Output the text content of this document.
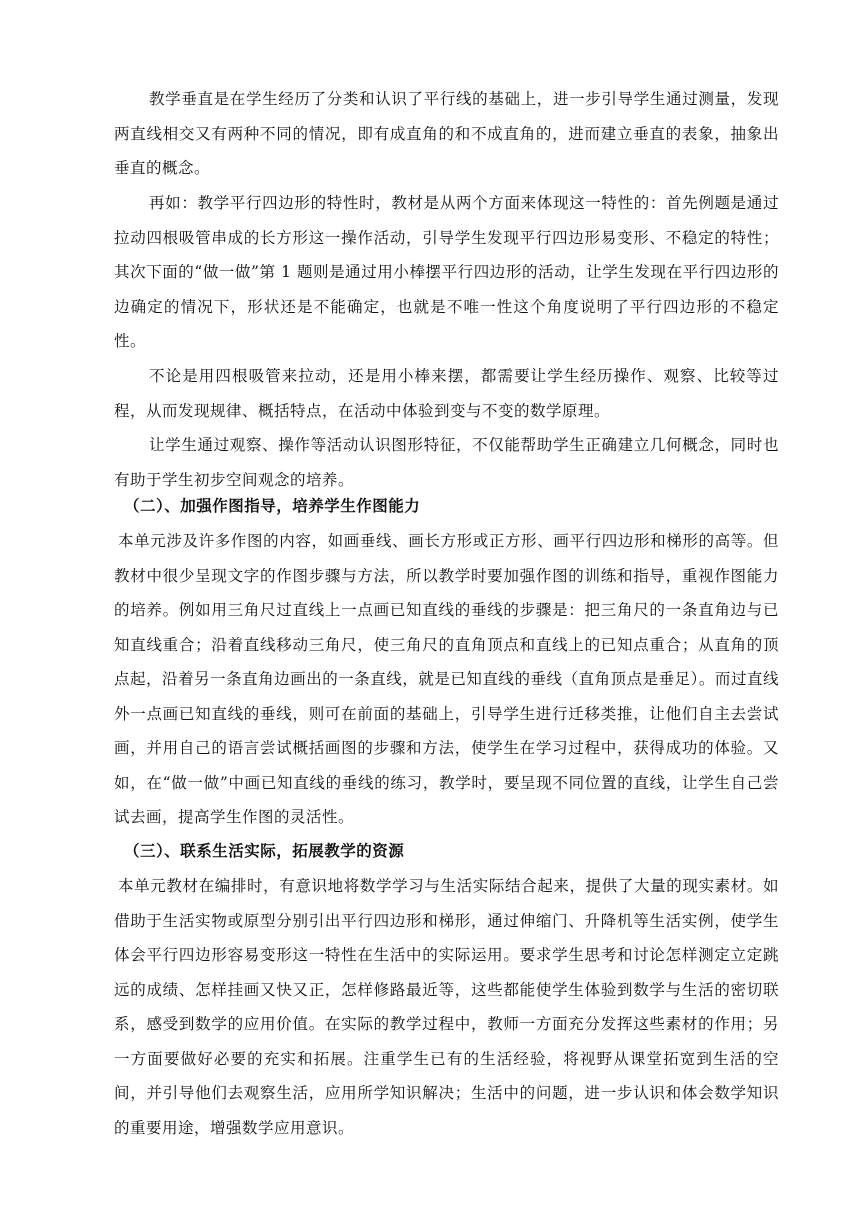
教学垂直是在学生经历了分类和认识了平行线的基础上，进一步引导学生通过测量，发现两直线相交又有两种不同的情况，即有成直角的和不成直角的，进而建立垂直的表象，抽象出垂直的概念。

再如：教学平行四边形的特性时，教材是从两个方面来体现这一特性的：首先例题是通过拉动四根吸管串成的长方形这一操作活动，引导学生发现平行四边形易变形、不稳定的特性；其次下面的“做一做”第 1 题则是通过用小棒摆平行四边形的活动，让学生发现在平行四边形的边确定的情况下，形状还是不能确定，也就是不唯一性这个角度说明了平行四边形的不稳定性。

不论是用四根吸管来拉动，还是用小棒来摆，都需要让学生经历操作、观察、比较等过程，从而发现规律、概括特点，在活动中体验到变与不变的数学原理。

让学生通过观察、操作等活动认识图形特征，不仅能帮助学生正确建立几何概念，同时也有助于学生初步空间观念的培养。

（二）、加强作图指导，培养学生作图能力

本单元涉及许多作图的内容，如画垂线、画长方形或正方形、画平行四边形和梯形的高等。但教材中很少呈现文字的作图步骤与方法，所以教学时要加强作图的训练和指导，重视作图能力的培养。例如用三角尺过直线上一点画已知直线的垂线的步骤是：把三角尺的一条直角边与已知直线重合；沿着直线移动三角尺，使三角尺的直角顶点和直线上的已知点重合；从直角的顶点起，沿着另一条直角边画出的一条直线，就是已知直线的垂线（直角顶点是垂足）。而过直线外一点画已知直线的垂线，则可在前面的基础上，引导学生进行迁移类推，让他们自主去尝试画，并用自己的语言尝试概括画图的步骤和方法，使学生在学习过程中，获得成功的体验。又如，在“做一做”中画已知直线的垂线的练习，教学时，要呈现不同位置的直线，让学生自己尝试去画，提高学生作图的灵活性。

（三）、联系生活实际，拓展教学的资源

本单元教材在编排时，有意识地将数学学习与生活实际结合起来，提供了大量的现实素材。如借助于生活实物或原型分别引出平行四边形和梯形，通过伸缩门、升降机等生活实例，使学生体会平行四边形容易变形这一特性在生活中的实际运用。要求学生思考和讨论怎样测定立定跳远的成绩、怎样挂画又快又正，怎样修路最近等，这些都能使学生体验到数学与生活的密切联系，感受到数学的应用价值。在实际的教学过程中，教师一方面充分发挥这些素材的作用；另一方面要做好必要的充实和拓展。注重学生已有的生活经验，将视野从课堂拓宽到生活的空间，并引导他们去观察生活，应用所学知识解决；生活中的问题，进一步认识和体会数学知识的重要用途，增强数学应用意识。
